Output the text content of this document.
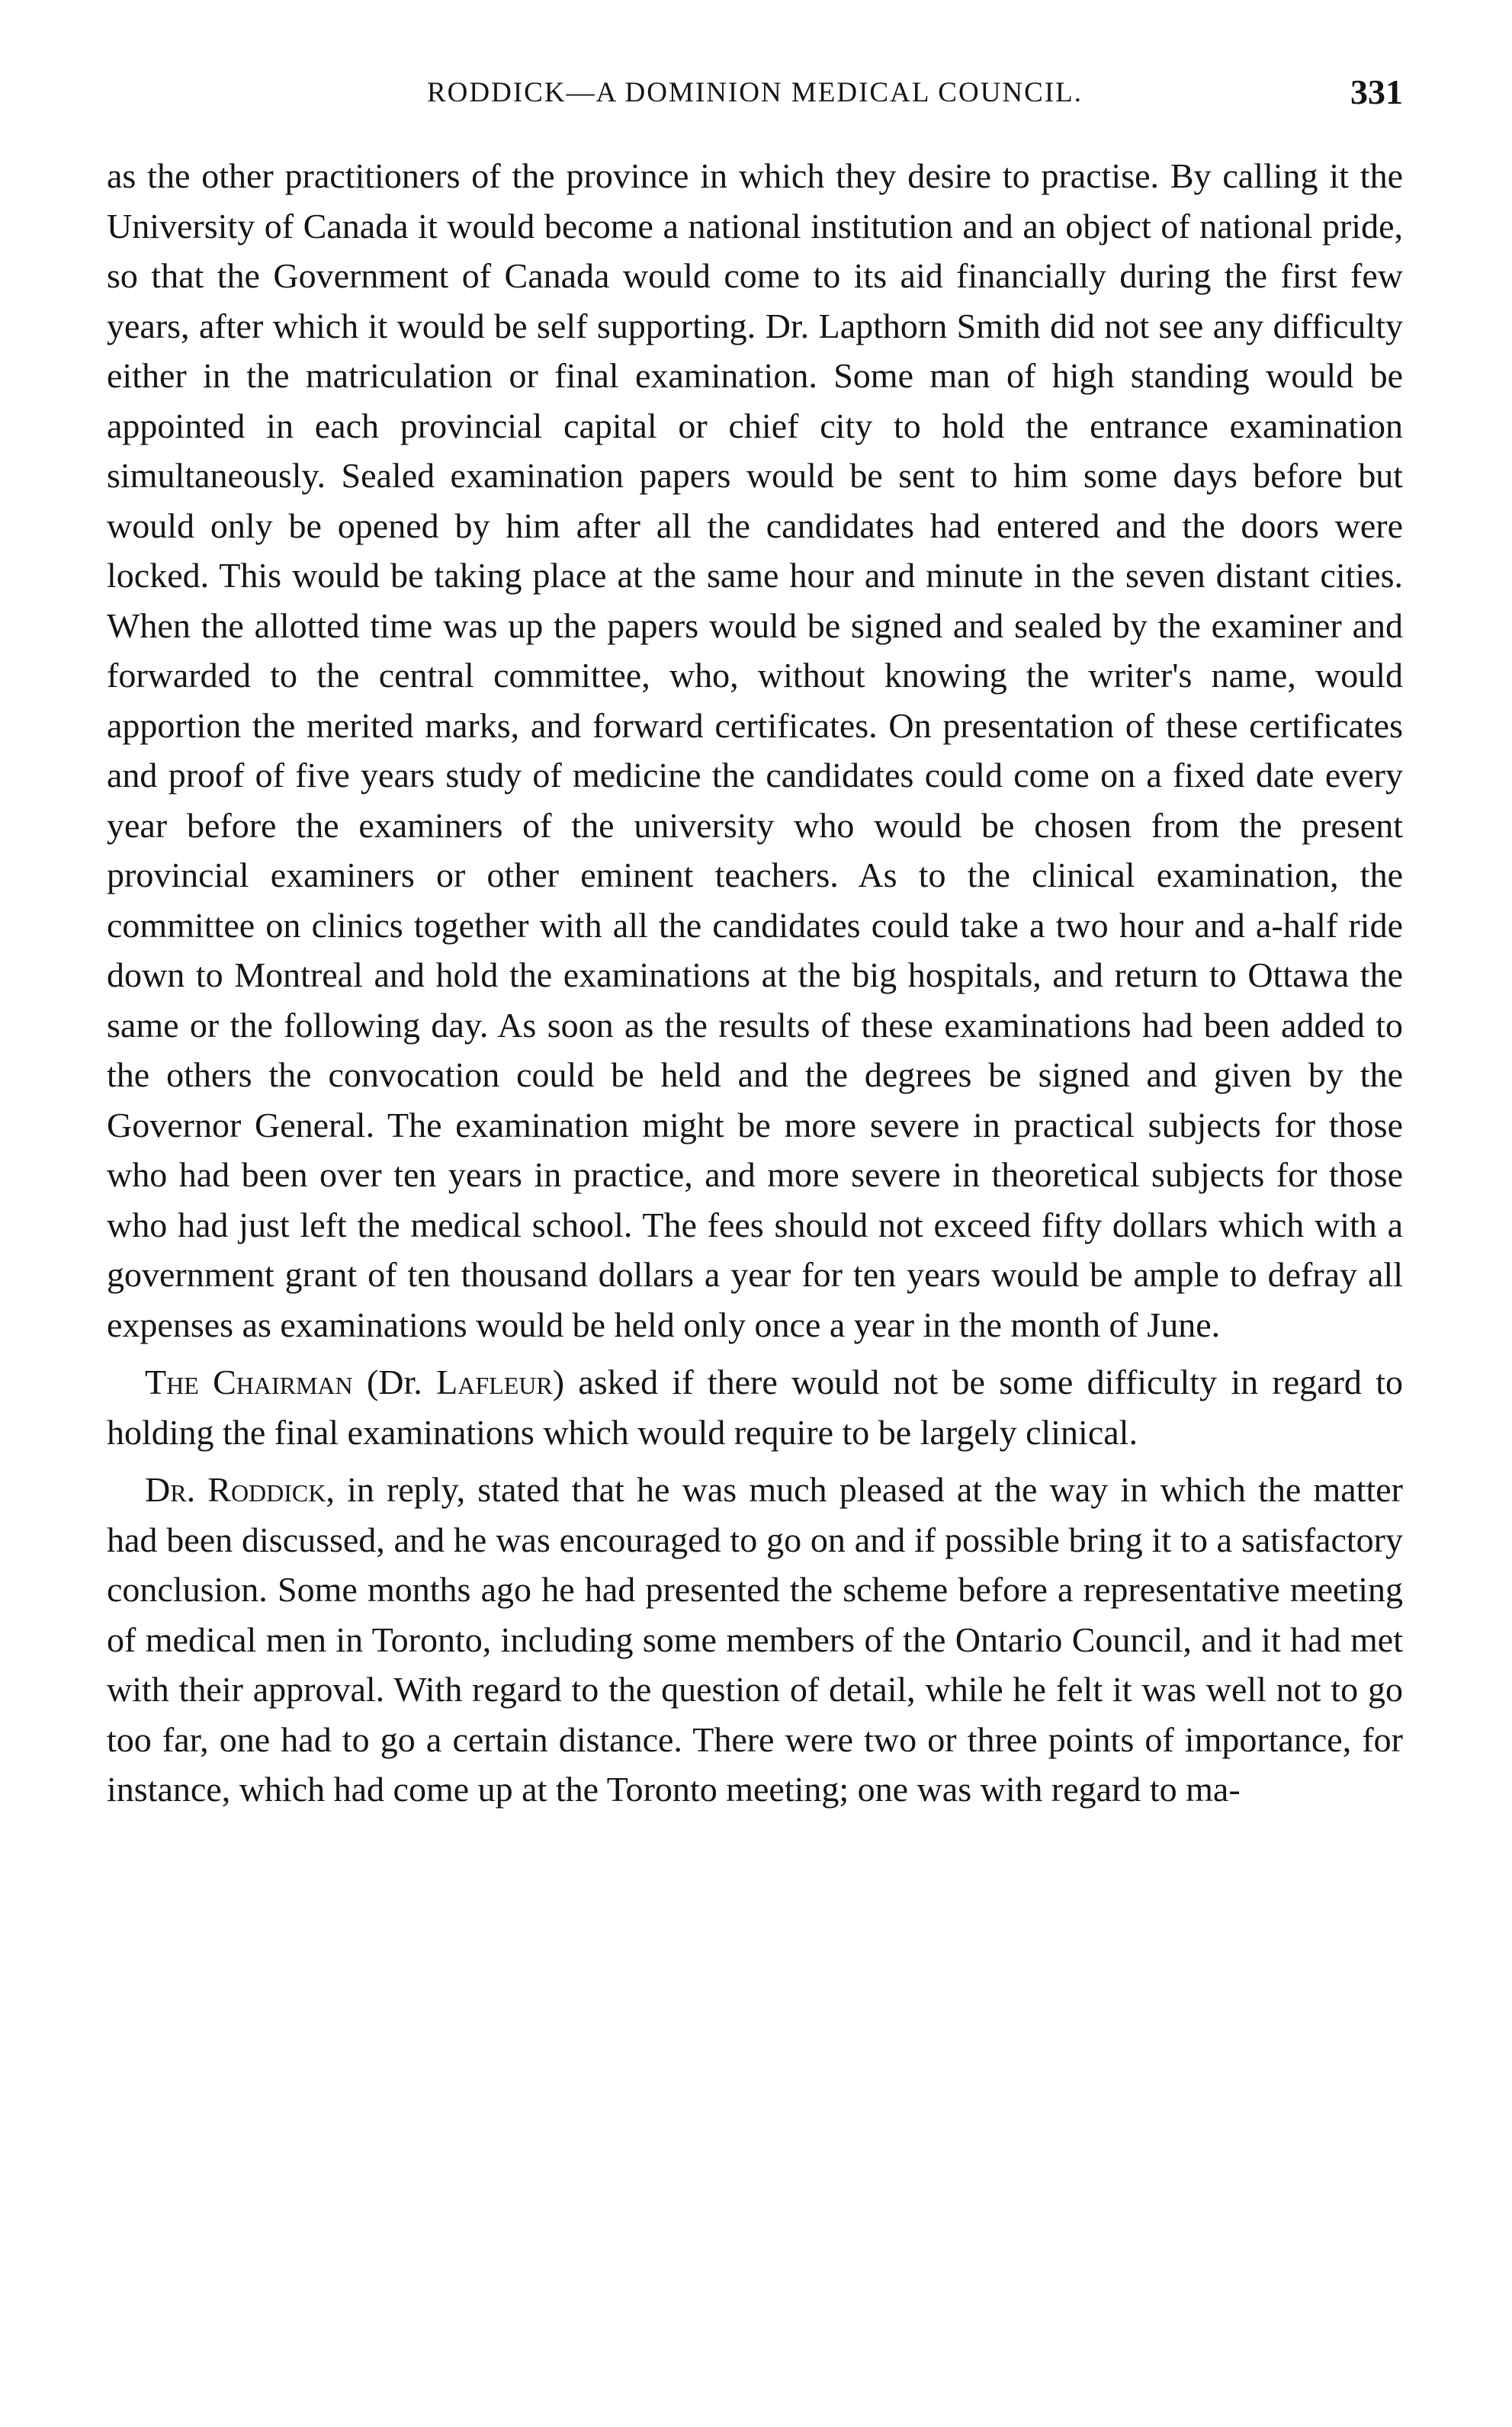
RODDICK—A DOMINION MEDICAL COUNCIL.	331

as the other practitioners of the province in which they desire to practise. By calling it the University of Canada it would become a national institution and an object of national pride, so that the Government of Canada would come to its aid financially during the first few years, after which it would be self supporting. Dr. Lapthorn Smith did not see any difficulty either in the matriculation or final examination. Some man of high standing would be appointed in each provincial capital or chief city to hold the entrance examination simultaneously. Sealed examination papers would be sent to him some days before but would only be opened by him after all the candidates had entered and the doors were locked. This would be taking place at the same hour and minute in the seven distant cities. When the allotted time was up the papers would be signed and sealed by the examiner and forwarded to the central committee, who, without knowing the writer's name, would apportion the merited marks, and forward certificates. On presentation of these certificates and proof of five years study of medicine the candidates could come on a fixed date every year before the examiners of the university who would be chosen from the present provincial examiners or other eminent teachers. As to the clinical examination, the committee on clinics together with all the candidates could take a two hour and a-half ride down to Montreal and hold the examinations at the big hospitals, and return to Ottawa the same or the following day. As soon as the results of these examinations had been added to the others the convocation could be held and the degrees be signed and given by the Governor General. The examination might be more severe in practical subjects for those who had been over ten years in practice, and more severe in theoretical subjects for those who had just left the medical school. The fees should not exceed fifty dollars which with a government grant of ten thousand dollars a year for ten years would be ample to defray all expenses as examinations would be held only once a year in the month of June.

The Chairman (Dr. Lafleur) asked if there would not be some difficulty in regard to holding the final examinations which would require to be largely clinical.

Dr. Roddick, in reply, stated that he was much pleased at the way in which the matter had been discussed, and he was encouraged to go on and if possible bring it to a satisfactory conclusion. Some months ago he had presented the scheme before a representative meeting of medical men in Toronto, including some members of the Ontario Council, and it had met with their approval. With regard to the question of detail, while he felt it was well not to go too far, one had to go a certain distance. There were two or three points of importance, for instance, which had come up at the Toronto meeting; one was with regard to ma-
